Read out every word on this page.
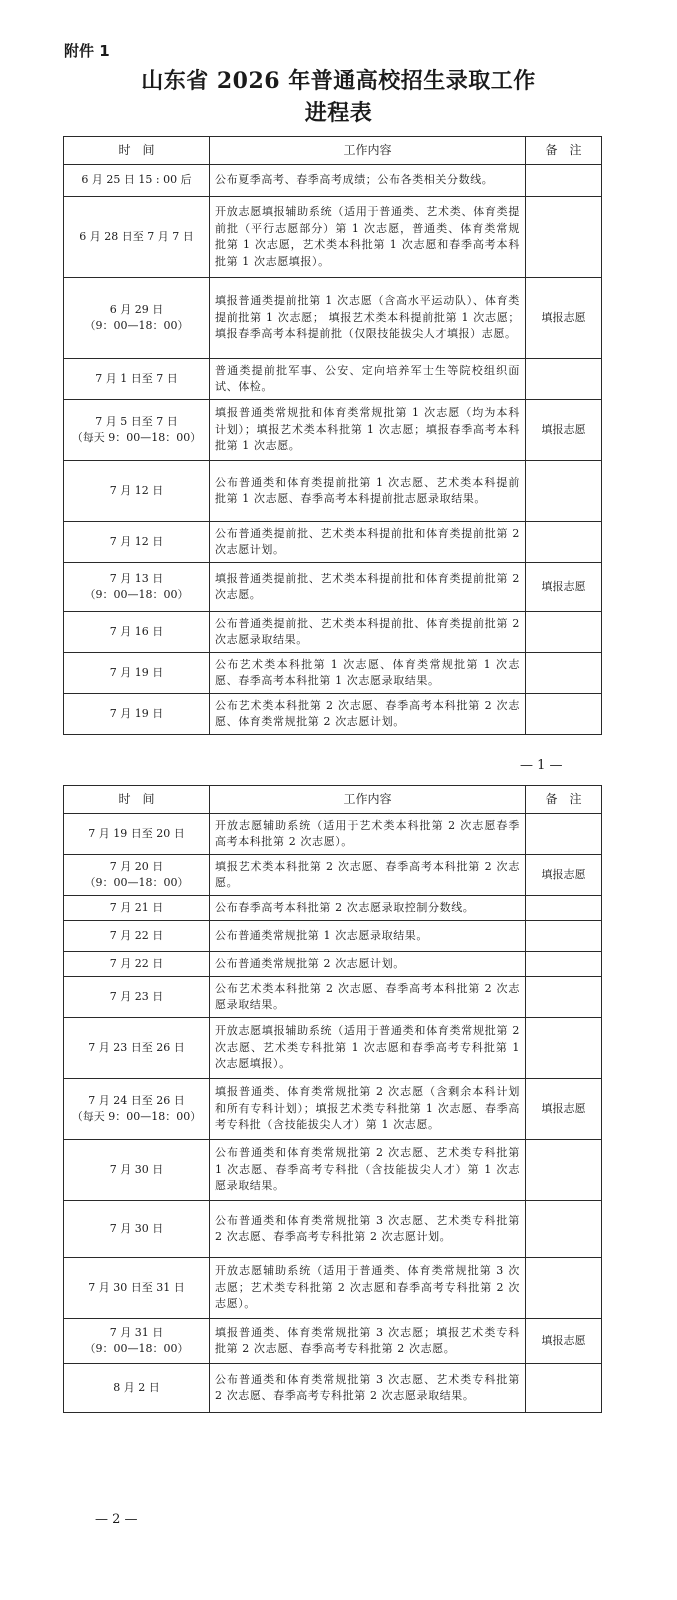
附件 1
山东省 2026 年普通高校招生录取工作
进程表
时　间	工作内容	备　注
6 月 25 日 15 : 00 后	公布夏季高考、春季高考成绩；公布各类相关分数线。	
6 月 28 日至 7 月 7 日	开放志愿填报辅助系统（适用于普通类、艺术类、体育类提前批（平行志愿部分）第 1 次志愿，普通类、体育类常规批第 1 次志愿，艺术类本科批第 1 次志愿和春季高考本科批第 1 次志愿填报）。	
6 月 29 日
（9：00—18：00）	填报普通类提前批第 1 次志愿（含高水平运动队）、体育类提前批第 1 次志愿； 填报艺术类本科提前批第 1 次志愿；填报春季高考本科提前批（仅限技能拔尖人才填报）志愿。	填报志愿
7 月 1 日至 7 日	普通类提前批军事、公安、定向培养军士生等院校组织面试、体检。	
7 月 5 日至 7 日
（每天 9：00—18：00）	填报普通类常规批和体育类常规批第 1 次志愿（均为本科计划）；填报艺术类本科批第 1 次志愿；填报春季高考本科批第 1 次志愿。	填报志愿
7 月 12 日	公布普通类和体育类提前批第 1 次志愿、艺术类本科提前批第 1 次志愿、春季高考本科提前批志愿录取结果。	
7 月 12 日	公布普通类提前批、艺术类本科提前批和体育类提前批第 2 次志愿计划。	
7 月 13 日
（9：00—18：00）	填报普通类提前批、艺术类本科提前批和体育类提前批第 2 次志愿。	填报志愿
7 月 16 日	公布普通类提前批、艺术类本科提前批、体育类提前批第 2 次志愿录取结果。	
7 月 19 日	公布艺术类本科批第 1 次志愿、体育类常规批第 1 次志愿、春季高考本科批第 1 次志愿录取结果。	
7 月 19 日	公布艺术类本科批第 2 次志愿、春季高考本科批第 2 次志愿、体育类常规批第 2 次志愿计划。	
— 1 —
时　间	工作内容	备　注
7 月 19 日至 20 日	开放志愿辅助系统（适用于艺术类本科批第 2 次志愿春季高考本科批第 2 次志愿）。	
7 月 20 日
（9：00—18：00）	填报艺术类本科批第 2 次志愿、春季高考本科批第 2 次志愿。	填报志愿
7 月 21 日	公布春季高考本科批第 2 次志愿录取控制分数线。	
7 月 22 日	公布普通类常规批第 1 次志愿录取结果。	
7 月 22 日	公布普通类常规批第 2 次志愿计划。	
7 月 23 日	公布艺术类本科批第 2 次志愿、春季高考本科批第 2 次志愿录取结果。	
7 月 23 日至 26 日	开放志愿填报辅助系统（适用于普通类和体育类常规批第 2 次志愿、艺术类专科批第 1 次志愿和春季高考专科批第 1 次志愿填报）。	
7 月 24 日至 26 日
（每天 9：00—18：00）	填报普通类、体育类常规批第 2 次志愿（含剩余本科计划和所有专科计划）；填报艺术类专科批第 1 次志愿、春季高考专科批（含技能拔尖人才）第 1 次志愿。	填报志愿
7 月 30 日	公布普通类和体育类常规批第 2 次志愿、艺术类专科批第 1 次志愿、春季高考专科批（含技能拔尖人才）第 1 次志愿录取结果。	
7 月 30 日	公布普通类和体育类常规批第 3 次志愿、艺术类专科批第 2 次志愿、春季高考专科批第 2 次志愿计划。	
7 月 30 日至 31 日	开放志愿辅助系统（适用于普通类、体育类常规批第 3 次志愿；艺术类专科批第 2 次志愿和春季高考专科批第 2 次志愿）。	
7 月 31 日
（9：00—18：00）	填报普通类、体育类常规批第 3 次志愿；填报艺术类专科批第 2 次志愿、春季高考专科批第 2 次志愿。	填报志愿
8 月 2 日	公布普通类和体育类常规批第 3 次志愿、艺术类专科批第 2 次志愿、春季高考专科批第 2 次志愿录取结果。	
— 2 —
